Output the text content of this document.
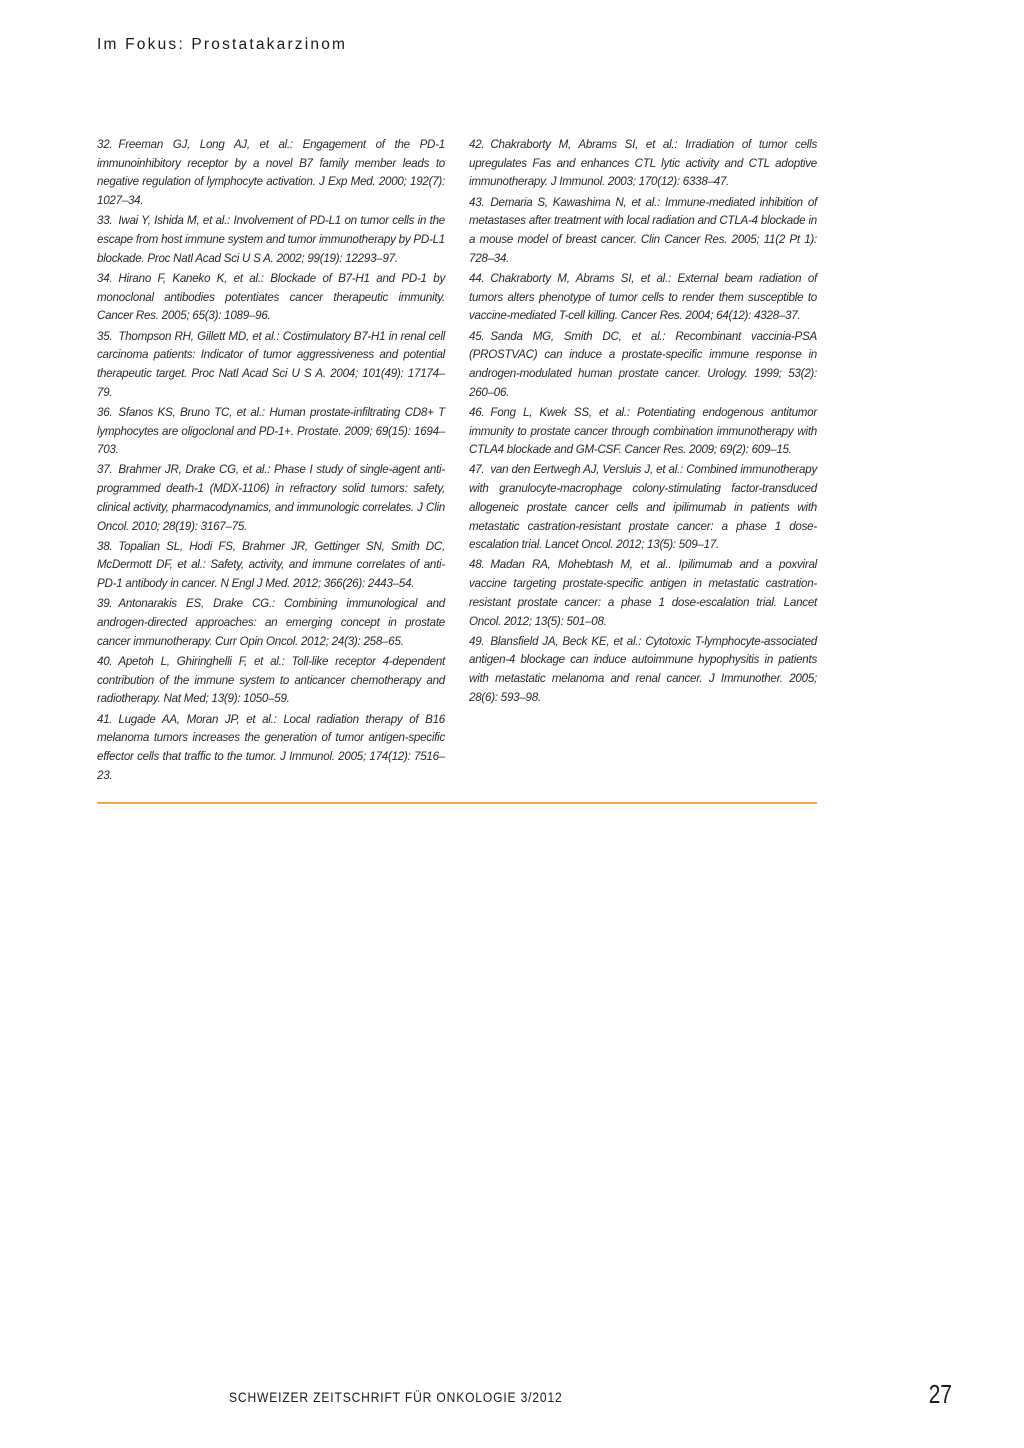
Im Fokus: Prostatakarzinom

32. Freeman GJ, Long AJ, et al.: Engagement of the PD-1 immunoinhibitory receptor by a novel B7 family member leads to negative regulation of lymphocyte activation. J Exp Med. 2000; 192(7): 1027–34.

33. Iwai Y, Ishida M, et al.: Involvement of PD-L1 on tumor cells in the escape from host immune system and tumor immunotherapy by PD-L1 blockade. Proc Natl Acad Sci U S A. 2002; 99(19): 12293–97.

34. Hirano F, Kaneko K, et al.: Blockade of B7-H1 and PD-1 by monoclonal antibodies potentiates cancer therapeutic immunity. Cancer Res. 2005; 65(3): 1089–96.

35. Thompson RH, Gillett MD, et al.: Costimulatory B7-H1 in renal cell carcinoma patients: Indicator of tumor aggressiveness and potential therapeutic target. Proc Natl Acad Sci U S A. 2004; 101(49): 17174–79.

36. Sfanos KS, Bruno TC, et al.: Human prostate-infiltrating CD8+ T lymphocytes are oligoclonal and PD-1+. Prostate. 2009; 69(15): 1694–703.

37. Brahmer JR, Drake CG, et al.: Phase I study of single-agent anti-programmed death-1 (MDX-1106) in refractory solid tumors: safety, clinical activity, pharmacodynamics, and immunologic correlates. J Clin Oncol. 2010; 28(19): 3167–75.

38. Topalian SL, Hodi FS, Brahmer JR, Gettinger SN, Smith DC, McDermott DF, et al.: Safety, activity, and immune correlates of anti-PD-1 antibody in cancer. N Engl J Med. 2012; 366(26): 2443–54.

39. Antonarakis ES, Drake CG.: Combining immunological and androgen-directed approaches: an emerging concept in prostate cancer immunotherapy. Curr Opin Oncol. 2012; 24(3): 258–65.

40. Apetoh L, Ghiringhelli F, et al.: Toll-like receptor 4-dependent contribution of the immune system to anticancer chemotherapy and radiotherapy. Nat Med; 13(9): 1050–59.

41. Lugade AA, Moran JP, et al.: Local radiation therapy of B16 melanoma tumors increases the generation of tumor antigen-specific effector cells that traffic to the tumor. J Immunol. 2005; 174(12): 7516–23.

42. Chakraborty M, Abrams SI, et al.: Irradiation of tumor cells upregulates Fas and enhances CTL lytic activity and CTL adoptive immunotherapy. J Immunol. 2003; 170(12): 6338–47.

43. Demaria S, Kawashima N, et al.: Immune-mediated inhibition of metastases after treatment with local radiation and CTLA-4 blockade in a mouse model of breast cancer. Clin Cancer Res. 2005; 11(2 Pt 1): 728–34.

44. Chakraborty M, Abrams SI, et al.: External beam radiation of tumors alters phenotype of tumor cells to render them susceptible to vaccine-mediated T-cell killing. Cancer Res. 2004; 64(12): 4328–37.

45. Sanda MG, Smith DC, et al.: Recombinant vaccinia-PSA (PROSTVAC) can induce a prostate-specific immune response in androgen-modulated human prostate cancer. Urology. 1999; 53(2): 260–06.

46. Fong L, Kwek SS, et al.: Potentiating endogenous antitumor immunity to prostate cancer through combination immunotherapy with CTLA4 blockade and GM-CSF. Cancer Res. 2009; 69(2): 609–15.

47. van den Eertwegh AJ, Versluis J, et al.: Combined immunotherapy with granulocyte-macrophage colony-stimulating factor-transduced allogeneic prostate cancer cells and ipilimumab in patients with metastatic castration-resistant prostate cancer: a phase 1 dose-escalation trial. Lancet Oncol. 2012; 13(5): 509–17.

48. Madan RA, Mohebtash M, et al.. Ipilimumab and a poxviral vaccine targeting prostate-specific antigen in metastatic castration-resistant prostate cancer: a phase 1 dose-escalation trial. Lancet Oncol. 2012; 13(5): 501–08.

49. Blansfield JA, Beck KE, et al.: Cytotoxic T-lymphocyte-associated antigen-4 blockage can induce autoimmune hypophysitis in patients with metastatic melanoma and renal cancer. J Immunother. 2005; 28(6): 593–98.

SCHWEIZER ZEITSCHRIFT FÜR ONKOLOGIE 3/2012	27
